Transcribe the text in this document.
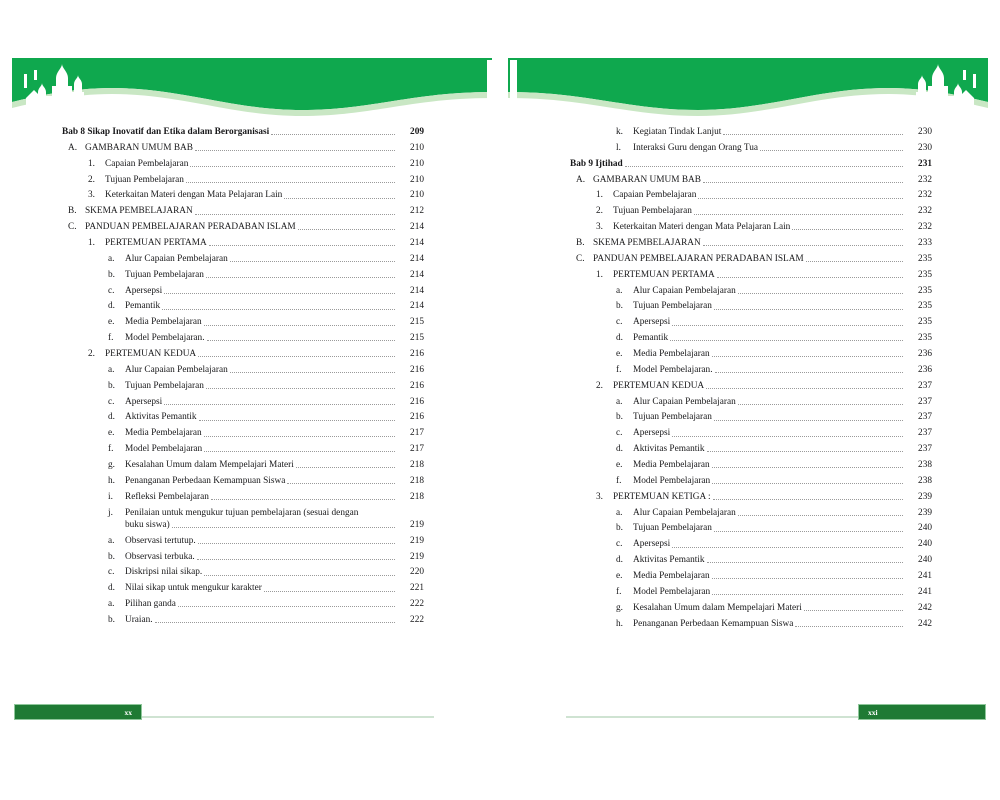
Bab 8 Sikap Inovatif dan Etika dalam Berorganisasi	209
A. GAMBARAN UMUM BAB	210
1.	Capaian Pembelajaran	210
2.	Tujuan Pembelajaran	210
3.	Keterkaitan Materi dengan Mata Pelajaran Lain	210
B. SKEMA PEMBELAJARAN	212
C. PANDUAN PEMBELAJARAN PERADABAN ISLAM	214
1.	PERTEMUAN PERTAMA	214
a.	Alur Capaian Pembelajaran	214
b.	Tujuan Pembelajaran	214
c.	Apersepsi	214
d.	Pemantik	214
e.	Media Pembelajaran	215
f.	Model Pembelajaran.	215
2.	PERTEMUAN KEDUA	216
a.	Alur Capaian Pembelajaran	216
b.	Tujuan Pembelajaran	216
c.	Apersepsi	216
d.	Aktivitas Pemantik	216
e.	Media Pembelajaran	217
f.	Model Pembelajaran	217
g.	Kesalahan Umum dalam Mempelajari Materi	218
h.	Penanganan Perbedaan Kemampuan Siswa	218
i.	Refleksi Pembelajaran	218
j.	Penilaian untuk mengukur tujuan pembelajaran (sesuai dengan
buku siswa)	219
a.	Observasi tertutup.	219
b.	Observasi terbuka.	219
c.	Diskripsi nilai sikap.	220
d.	Nilai sikap untuk mengukur karakter	221
a.	Pilihan ganda	222
b.	Uraian.	222
xx
k.	Kegiatan Tindak Lanjut	230
l.	Interaksi Guru dengan Orang Tua	230
Bab 9 Ijtihad	231
A. GAMBARAN UMUM BAB	232
1.	Capaian Pembelajaran	232
2.	Tujuan Pembelajaran	232
3.	Keterkaitan Materi dengan Mata Pelajaran Lain	232
B. SKEMA PEMBELAJARAN	233
C. PANDUAN PEMBELAJARAN PERADABAN ISLAM	235
1.	PERTEMUAN PERTAMA	235
a.	Alur Capaian Pembelajaran	235
b.	Tujuan Pembelajaran	235
c.	Apersepsi	235
d.	Pemantik	235
e.	Media Pembelajaran	236
f.	Model Pembelajaran.	236
2.	PERTEMUAN KEDUA	237
a.	Alur Capaian Pembelajaran	237
b.	Tujuan Pembelajaran	237
c.	Apersepsi	237
d.	Aktivitas Pemantik	237
e.	Media Pembelajaran	238
f.	Model Pembelajaran	238
3.	PERTEMUAN KETIGA :	239
a.	Alur Capaian Pembelajaran	239
b.	Tujuan Pembelajaran	240
c.	Apersepsi	240
d.	Aktivitas Pemantik	240
e.	Media Pembelajaran	241
f.	Model Pembelajaran	241
g.	Kesalahan Umum dalam Mempelajari Materi	242
h.	Penanganan Perbedaan Kemampuan Siswa	242
xxi
